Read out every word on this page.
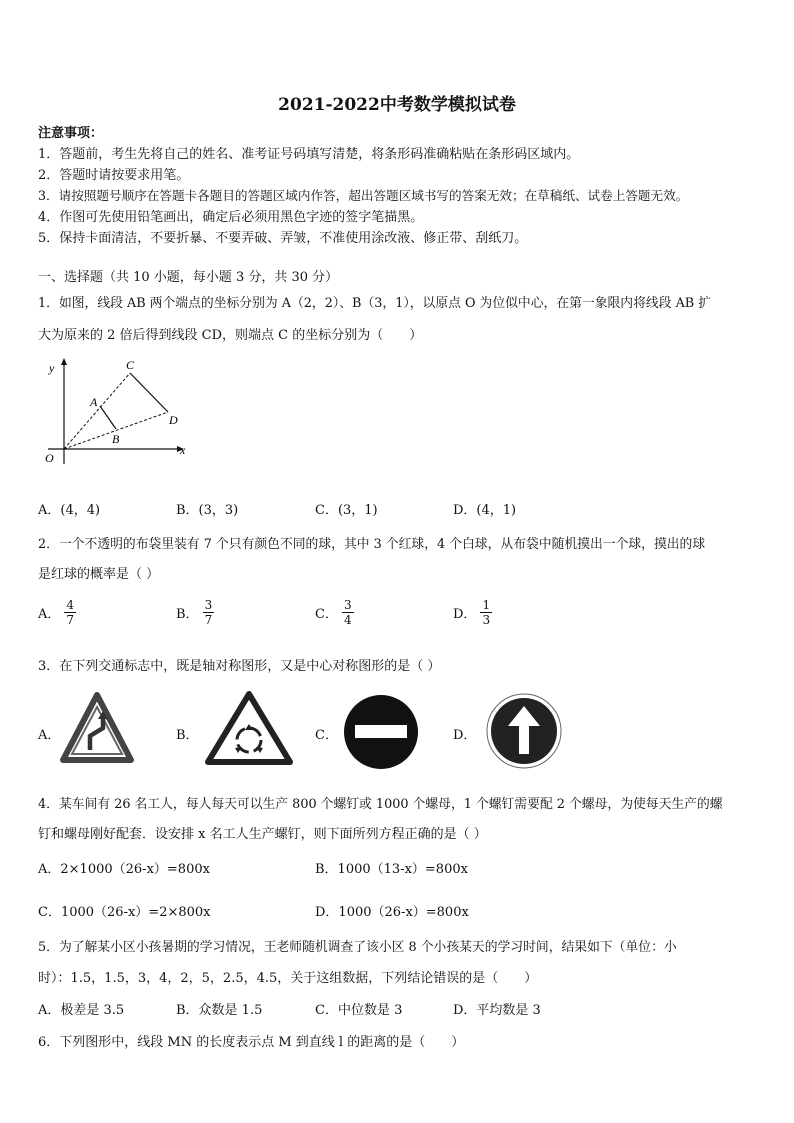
2021-2022中考数学模拟试卷
注意事项：
1．答题前，考生先将自己的姓名、准考证号码填写清楚，将条形码准确粘贴在条形码区域内。
2．答题时请按要求用笔。
3．请按照题号顺序在答题卡各题目的答题区域内作答，超出答题区域书写的答案无效；在草稿纸、试卷上答题无效。
4．作图可先使用铅笔画出，确定后必须用黑色字迹的签字笔描黑。
5．保持卡面清洁，不要折暴、不要弄破、弄皱，不准使用涂改液、修正带、刮纸刀。
一、选择题（共 10 小题，每小题 3 分，共 30 分）
1．如图，线段 AB 两个端点的坐标分别为 A（2，2）、B（3，1），以原点 O 为位似中心，在第一象限内将线段 AB 扩
大为原来的 2 倍后得到线段 CD，则端点 C 的坐标分别为（　　）
y
x
O
A
B
C
D
A．(4，4)	B．(3，3)	C．(3，1)	D．(4，1)
2．一个不透明的布袋里装有 7 个只有颜色不同的球，其中 3 个红球，4 个白球，从布袋中随机摸出一个球，摸出的球
是红球的概率是（ ）
A． $\frac{4}{7}$	B． $\frac{3}{7}$	C． $\frac{3}{4}$	D． $\frac{1}{3}$
3．在下列交通标志中，既是轴对称图形，又是中心对称图形的是（ ）
A．	B．	C．	D．
4．某车间有 26 名工人，每人每天可以生产 800 个螺钉或 1000 个螺母，1 个螺钉需要配 2 个螺母，为使每天生产的螺
钉和螺母刚好配套．设安排 x 名工人生产螺钉，则下面所列方程正确的是（ ）
A．2×1000（26-x）=800x	B．1000（13-x）=800x
C．1000（26-x）=2×800x	D．1000（26-x）=800x
5．为了解某小区小孩暑期的学习情况，王老师随机调查了该小区 8 个小孩某天的学习时间，结果如下（单位：小
时）：1.5，1.5，3，4，2，5，2.5，4.5，关于这组数据，下列结论错误的是（　　）
A．极差是 3.5	B．众数是 1.5	C．中位数是 3	D．平均数是 3
6．下列图形中，线段 MN 的长度表示点 M 到直线 l 的距离的是（　　）
